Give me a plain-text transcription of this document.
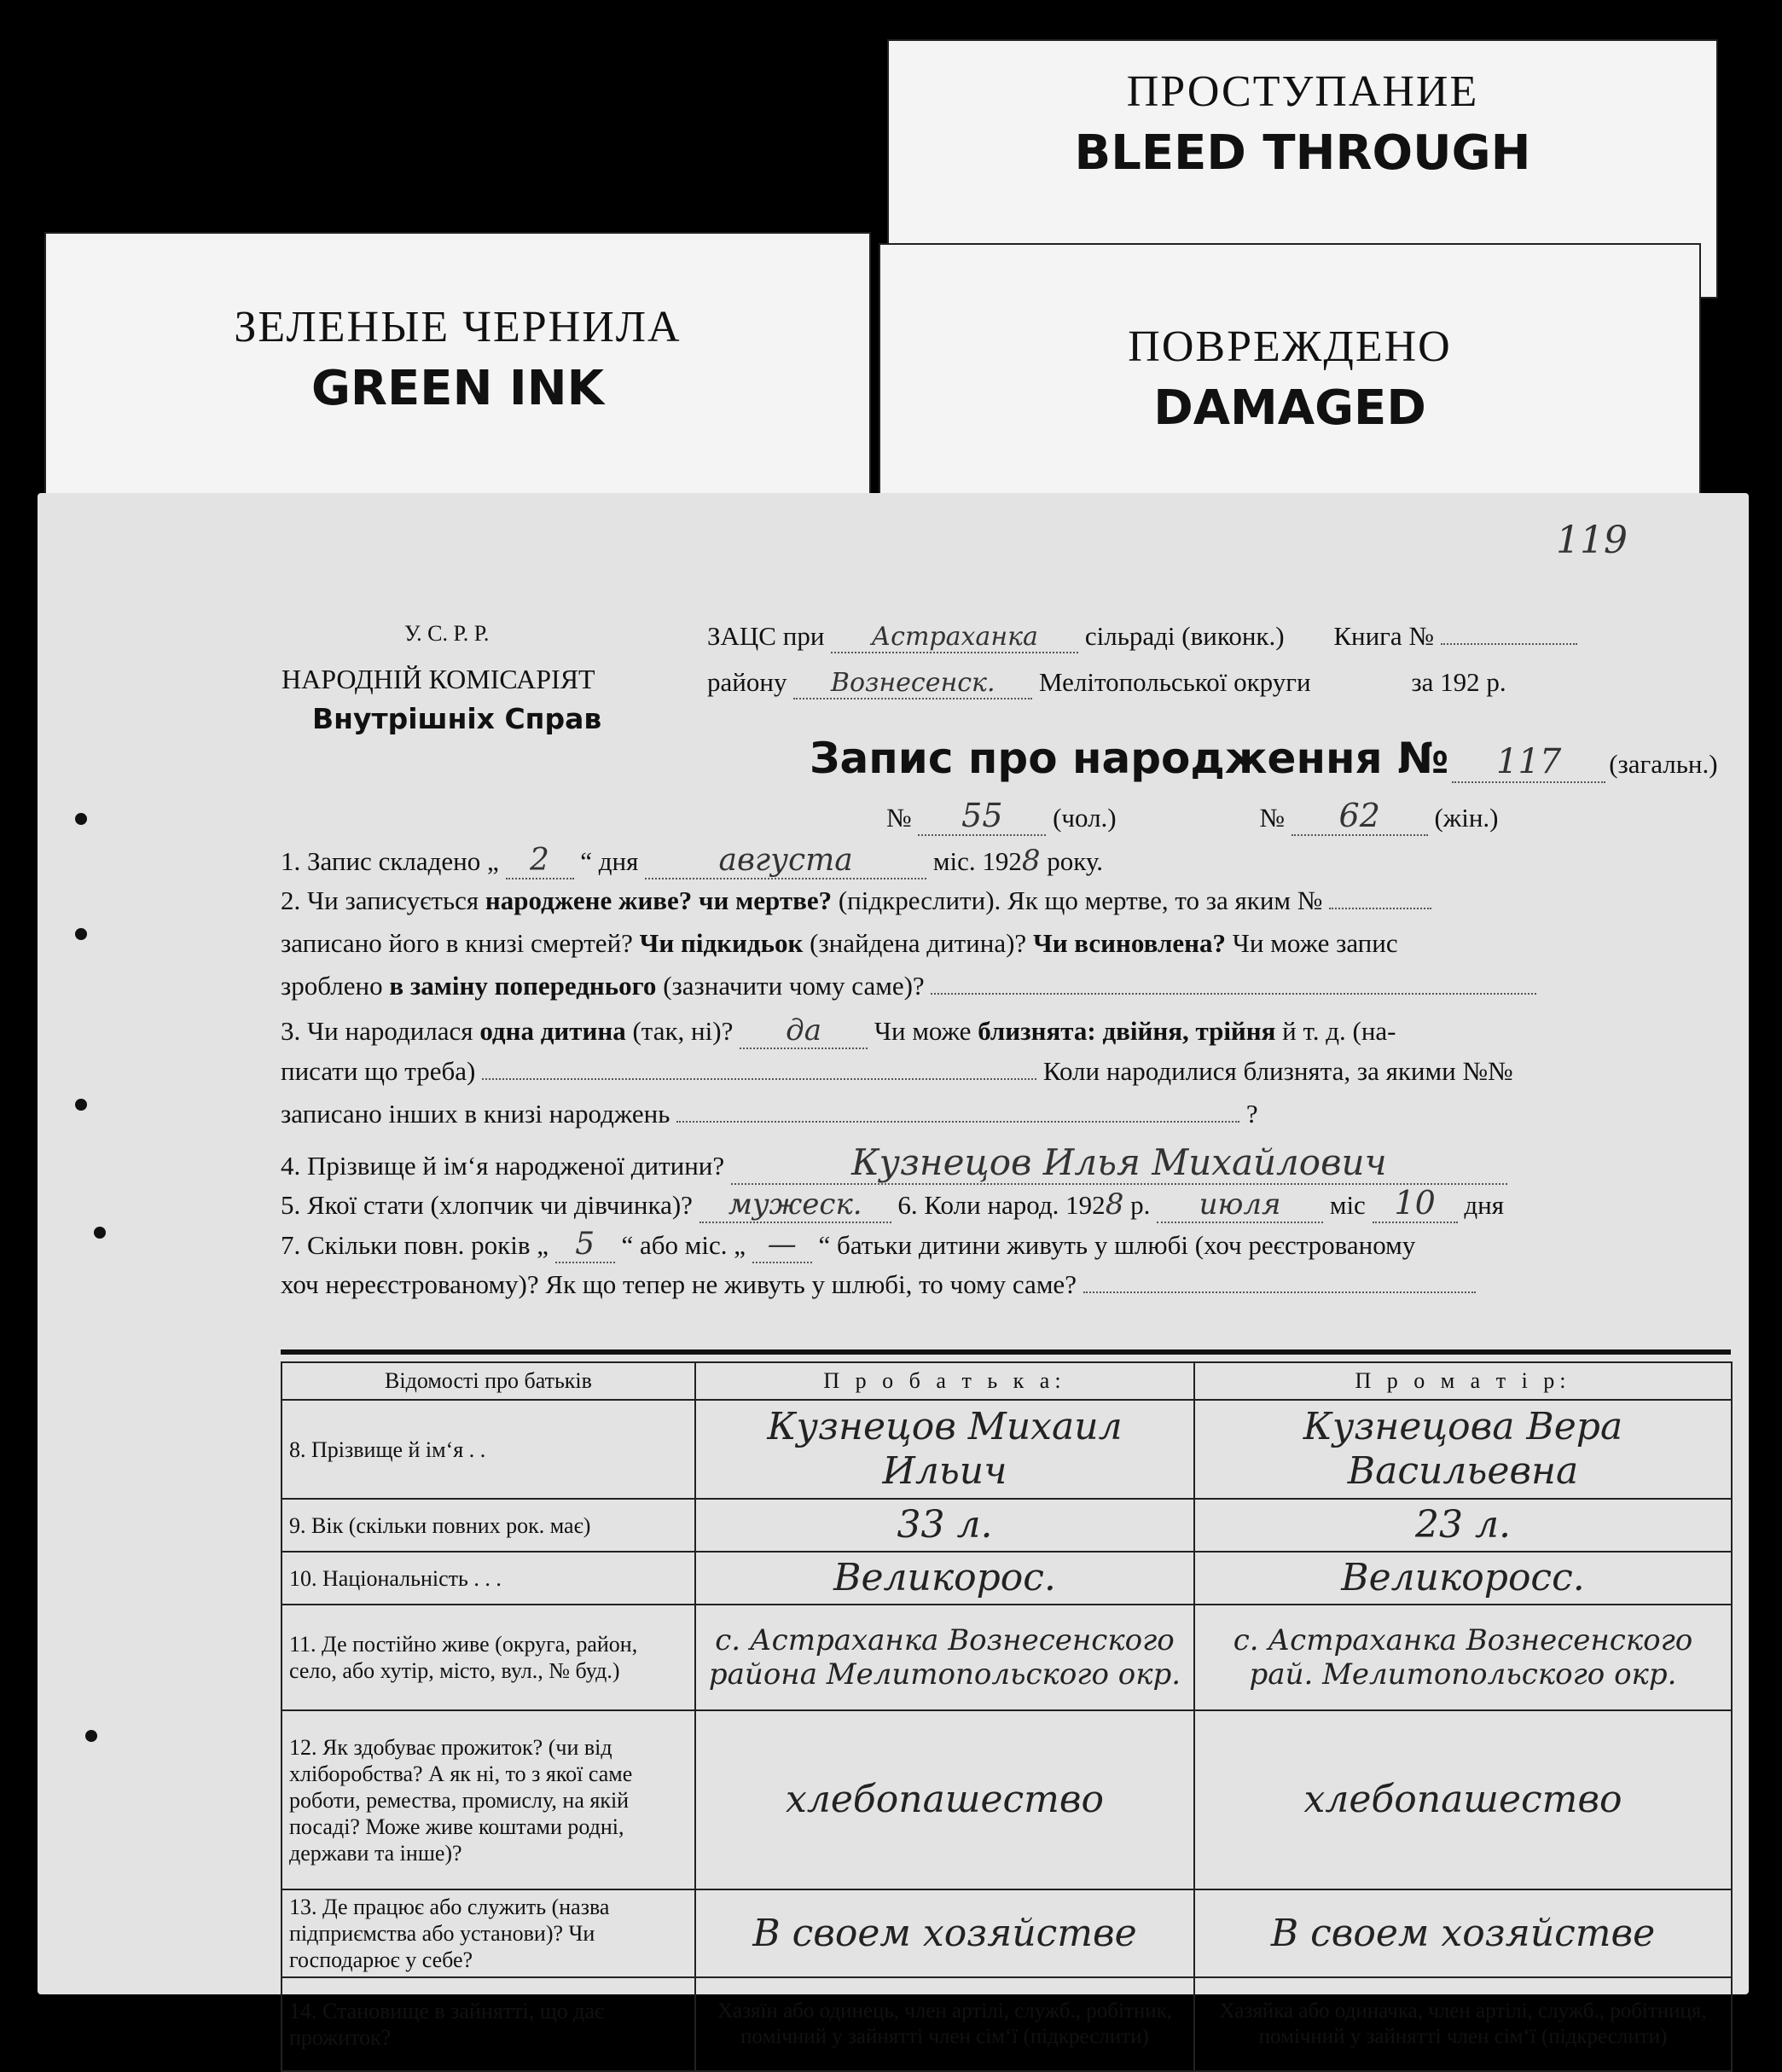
ЗЕЛЕНЫЕ ЧЕРНИЛА
GREEN INK
ПРОСТУПАНИЕ
BLEED THROUGH
ПОВРЕЖДЕНО
DAMAGED
119
У. С. Р. Р.
НАРОДНІЙ КОМІСАРІЯТ
Внутрішніх Справ
ЗАЦС при Астраханка сільраді (виконк.) Книга №
району Вознесенск. Мелітопольської округи	за 192 р.
Запис про народження № 117 (загальн.)
№ 55 (чол.)	№ 62 (жін.)
1. Запис складено „ 2 “ дня	августа	міс. 1928 року.
2. Чи записується народжене живе? чи мертве? (підкреслити). Як що мертве, то за яким №
записано його в книзі смертей? Чи підкидьок (знайдена дитина)? Чи всиновлена? Чи може запис
зроблено в заміну попереднього (зазначити чому саме)?
3. Чи народилася одна дитина (так, ні)? да Чи може близнята: двійня, трійня й т. д. (на-
писати що треба)	Коли народилися близнята, за якими №№
записано інших в книзі народжень	?
4. Прізвище й ім‘я народженої дитини?	Кузнецов Илья Михайлович
5. Якої стати (хлопчик чи дівчинка)? мужеск. 6. Коли народ. 1928 р. июля міс 10 дня
7. Скільки повн. років „ 5 “ або міс. „ — “ батьки дитини живуть у шлюбі (хоч реєстрованому
хоч нереєстрованому)? Як що тепер не живуть у шлюбі, то чому саме?
Відомості про батьків	П р о б а т ь к а:	П р о м а т і р:
8. Прізвище й ім‘я . .	Кузнецов Михаил Ильич	Кузнецова Вера Васильевна
9. Вік (скільки повних рок. має)	33 л.	23 л.
10. Національність . . .	Великорос.	Великоросс.
11. Де постійно живе (округа, район, село, або хутір, місто, вул., № буд.)	с. Астраханка Вознесенского района Мелитопольского окр.	с. Астраханка Вознесенского рай. Мелитопольского окр.
12. Як здобуває прожиток? (чи від хліборобства? А як ні, то з якої саме роботи, ремества, промислу, на якій посаді? Може живе коштами родні, держави та інше)?	хлебопашество	хлебопашество
13. Де працює або служить (назва підприємства або установи)? Чи господарює у себе?	В своем хозяйстве	В своем хозяйстве
14. Становище в зайнятті, що дає прожиток?	Хазяїн або одинець, член артілі, служб., робітник, помічний у зайнятті член сім‘ї (підкреслити)	Хазяйка або одиначка, член артілі, служб., робітниця, помічний у зайнятті член сім‘ї (підкреслити)
